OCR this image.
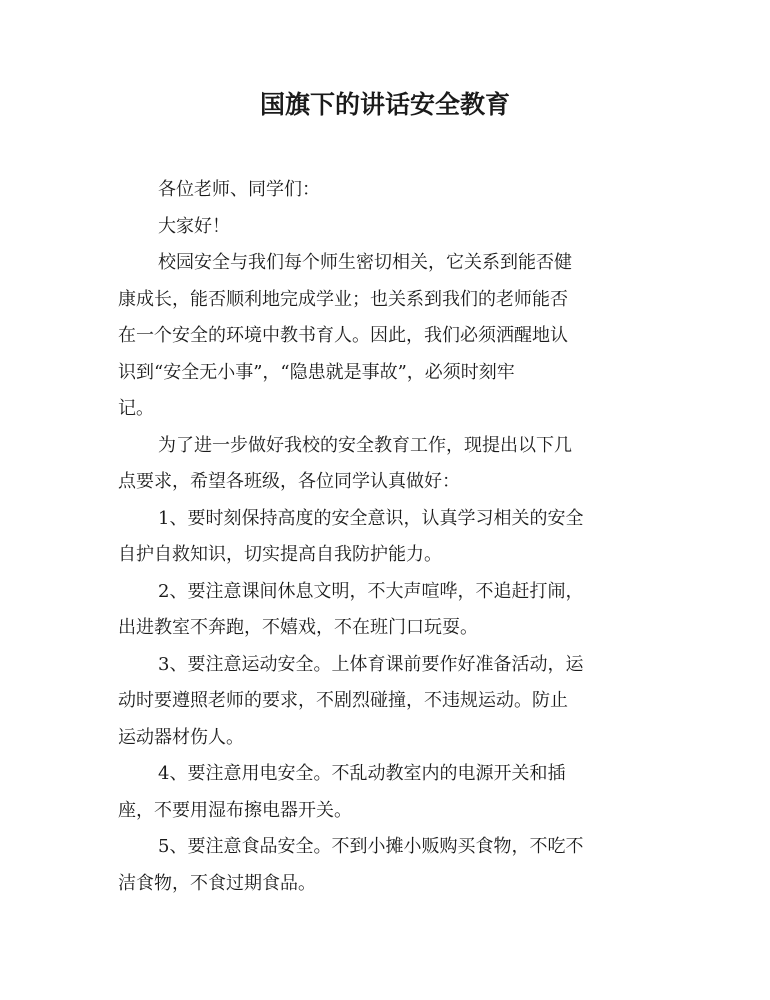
国旗下的讲话安全教育
各位老师、同学们：
大家好！
校园安全与我们每个师生密切相关，它关系到能否健
康成长，能否顺利地完成学业；也关系到我们的老师能否
在一个安全的环境中教书育人。因此，我们必须洒醒地认
识到“安全无小事”，“隐患就是事故”，必须时刻牢
记。
为了进一步做好我校的安全教育工作，现提出以下几
点要求，希望各班级，各位同学认真做好：
1、要时刻保持高度的安全意识，认真学习相关的安全
自护自救知识，切实提高自我防护能力。
2、要注意课间休息文明，不大声喧哗，不追赶打闹，
出进教室不奔跑，不嬉戏，不在班门口玩耍。
3、要注意运动安全。上体育课前要作好准备活动，运
动时要遵照老师的要求，不剧烈碰撞，不违规运动。防止
运动器材伤人。
4、要注意用电安全。不乱动教室内的电源开关和插
座，不要用湿布擦电器开关。
5、要注意食品安全。不到小摊小贩购买食物，不吃不
洁食物，不食过期食品。
